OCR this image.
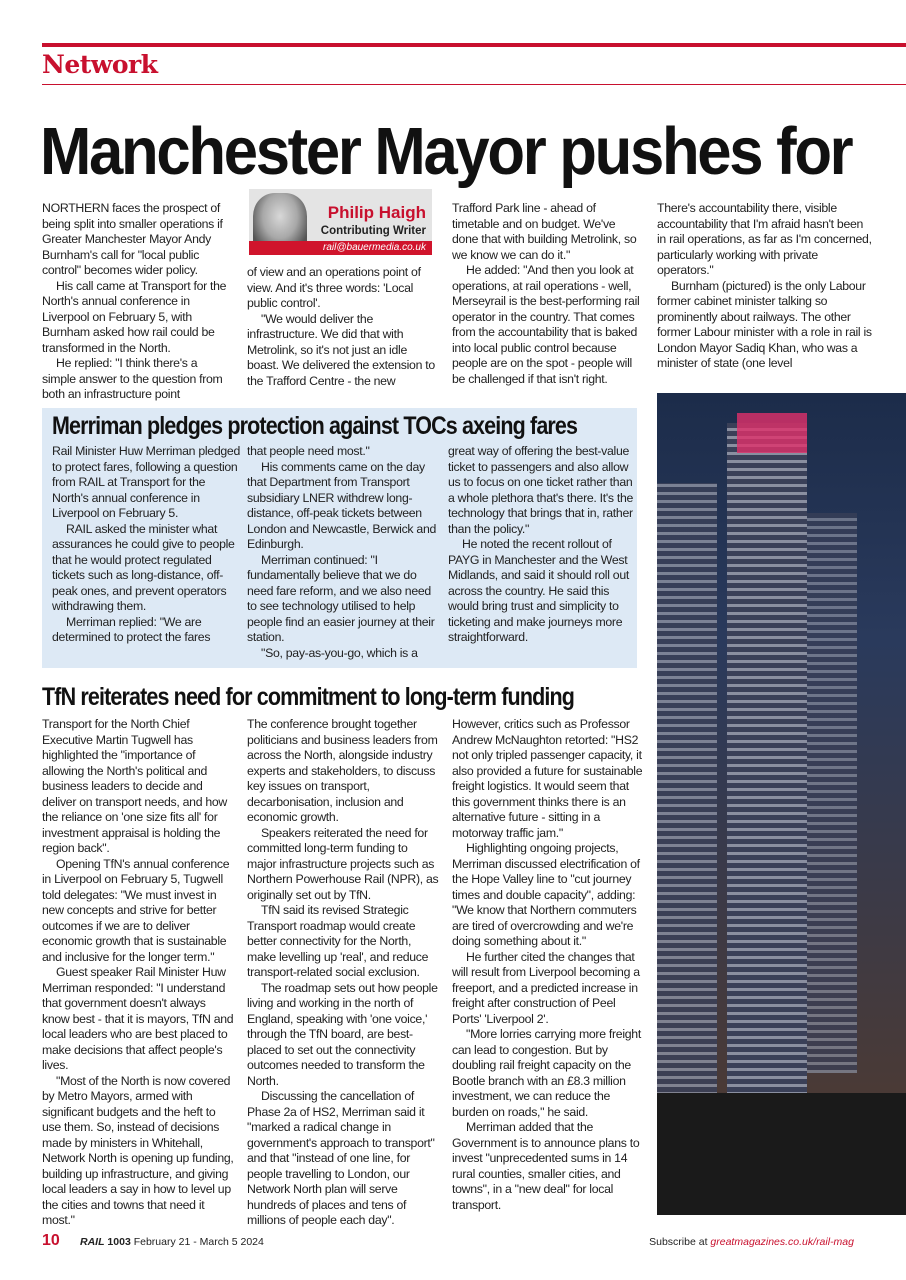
Network
Manchester Mayor pushes for

NORTHERN faces the prospect of being split into smaller operations if Greater Manchester Mayor Andy Burnham's call for "local public control" becomes wider policy.

His call came at Transport for the North's annual conference in Liverpool on February 5, with Burnham asked how rail could be transformed in the North.

He replied: "I think there's a simple answer to the question from both an infrastructure point

Philip Haigh
Contributing Writer
rail@bauermedia.co.uk

of view and an operations point of view. And it's three words: 'Local public control'.

"We would deliver the infrastructure. We did that with Metrolink, so it's not just an idle boast. We delivered the extension to the Trafford Centre - the new

Trafford Park line - ahead of timetable and on budget. We've done that with building Metrolink, so we know we can do it."

He added: "And then you look at operations, at rail operations - well, Merseyrail is the best-performing rail operator in the country. That comes from the accountability that is baked into local public control because people are on the spot - people will be challenged if that isn't right.

There's accountability there, visible accountability that I'm afraid hasn't been in rail operations, as far as I'm concerned, particularly working with private operators."

Burnham (pictured) is the only Labour former cabinet minister talking so prominently about railways. The other former Labour minister with a role in rail is London Mayor Sadiq Khan, who was a minister of state (one level

Merriman pledges protection against TOCs axeing fares

Rail Minister Huw Merriman pledged to protect fares, following a question from RAIL at Transport for the North's annual conference in Liverpool on February 5.

RAIL asked the minister what assurances he could give to people that he would protect regulated tickets such as long-distance, off-peak ones, and prevent operators withdrawing them.

Merriman replied: "We are determined to protect the fares

that people need most."

His comments came on the day that Department from Transport subsidiary LNER withdrew long-distance, off-peak tickets between London and Newcastle, Berwick and Edinburgh.

Merriman continued: "I fundamentally believe that we do need fare reform, and we also need to see technology utilised to help people find an easier journey at their station.

"So, pay-as-you-go, which is a

great way of offering the best-value ticket to passengers and also allow us to focus on one ticket rather than a whole plethora that's there. It's the technology that brings that in, rather than the policy."

He noted the recent rollout of PAYG in Manchester and the West Midlands, and said it should roll out across the country. He said this would bring trust and simplicity to ticketing and make journeys more straightforward.

TfN reiterates need for commitment to long-term funding

Transport for the North Chief Executive Martin Tugwell has highlighted the "importance of allowing the North's political and business leaders to decide and deliver on transport needs, and how the reliance on 'one size fits all' for investment appraisal is holding the region back".

Opening TfN's annual conference in Liverpool on February 5, Tugwell told delegates: "We must invest in new concepts and strive for better outcomes if we are to deliver economic growth that is sustainable and inclusive for the longer term."

Guest speaker Rail Minister Huw Merriman responded: "I understand that government doesn't always know best - that it is mayors, TfN and local leaders who are best placed to make decisions that affect people's lives.

"Most of the North is now covered by Metro Mayors, armed with significant budgets and the heft to use them. So, instead of decisions made by ministers in Whitehall, Network North is opening up funding, building up infrastructure, and giving local leaders a say in how to level up the cities and towns that need it most."

The conference brought together politicians and business leaders from across the North, alongside industry experts and stakeholders, to discuss key issues on transport, decarbonisation, inclusion and economic growth.

Speakers reiterated the need for committed long-term funding to major infrastructure projects such as Northern Powerhouse Rail (NPR), as originally set out by TfN.

TfN said its revised Strategic Transport roadmap would create better connectivity for the North, make levelling up 'real', and reduce transport-related social exclusion.

The roadmap sets out how people living and working in the north of England, speaking with 'one voice,' through the TfN board, are best-placed to set out the connectivity outcomes needed to transform the North.

Discussing the cancellation of Phase 2a of HS2, Merriman said it "marked a radical change in government's approach to transport" and that "instead of one line, for people travelling to London, our Network North plan will serve hundreds of places and tens of millions of people each day".

However, critics such as Professor Andrew McNaughton retorted: "HS2 not only tripled passenger capacity, it also provided a future for sustainable freight logistics. It would seem that this government thinks there is an alternative future - sitting in a motorway traffic jam."

Highlighting ongoing projects, Merriman discussed electrification of the Hope Valley line to "cut journey times and double capacity", adding: "We know that Northern commuters are tired of overcrowding and we're doing something about it."

He further cited the changes that will result from Liverpool becoming a freeport, and a predicted increase in freight after construction of Peel Ports' 'Liverpool 2'.

"More lorries carrying more freight can lead to congestion. But by doubling rail freight capacity on the Bootle branch with an £8.3 million investment, we can reduce the burden on roads," he said.

Merriman added that the Government is to announce plans to invest "unprecedented sums in 14 rural counties, smaller cities, and towns", in a "new deal" for local transport.

10 RAIL 1003 February 21 - March 5 2024	Subscribe at greatmagazines.co.uk/rail-mag
